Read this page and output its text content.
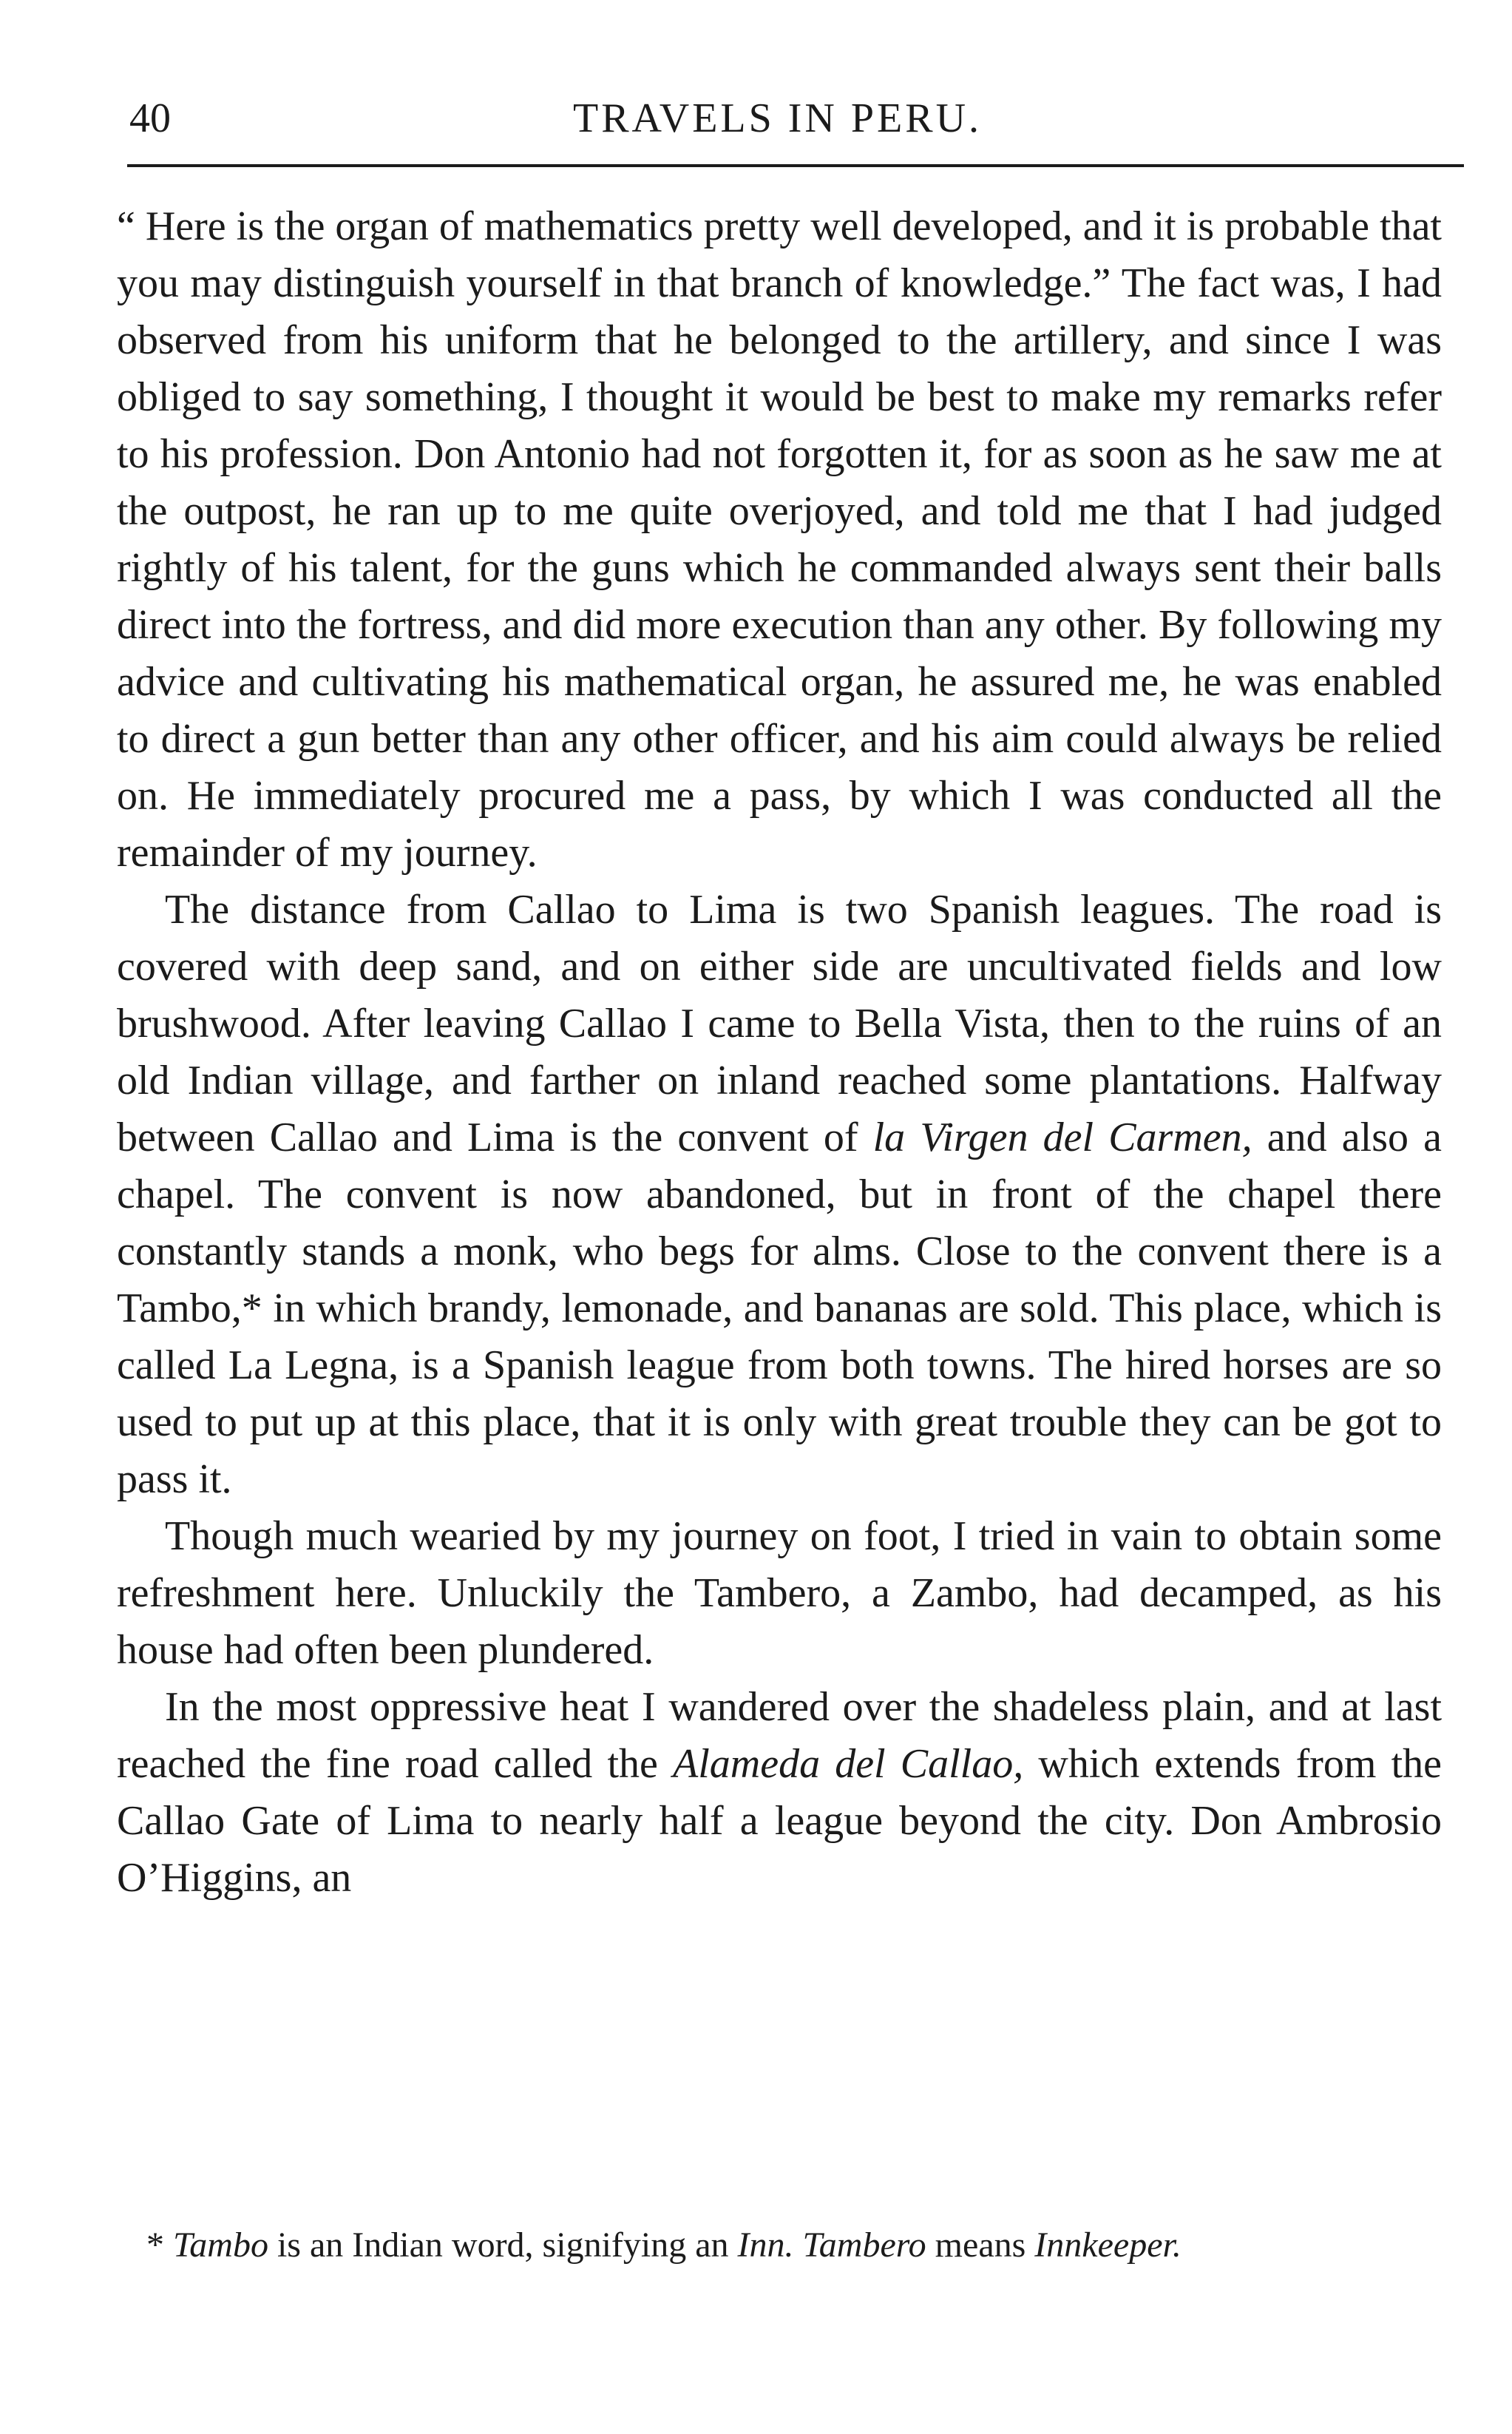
40	TRAVELS IN PERU.

“ Here is the organ of mathematics pretty well developed, and it is probable that you may distinguish yourself in that branch of knowledge.” The fact was, I had observed from his uniform that he belonged to the artillery, and since I was obliged to say something, I thought it would be best to make my remarks refer to his profession. Don Antonio had not forgotten it, for as soon as he saw me at the outpost, he ran up to me quite overjoyed, and told me that I had judged rightly of his talent, for the guns which he commanded always sent their balls direct into the fortress, and did more execution than any other. By following my advice and cultivating his mathematical organ, he assured me, he was enabled to direct a gun better than any other officer, and his aim could always be relied on. He immediately procured me a pass, by which I was conducted all the remainder of my journey.

The distance from Callao to Lima is two Spanish leagues. The road is covered with deep sand, and on either side are uncultivated fields and low brushwood. After leaving Callao I came to Bella Vista, then to the ruins of an old Indian village, and farther on inland reached some plantations. Halfway between Callao and Lima is the convent of la Virgen del Carmen, and also a chapel. The convent is now abandoned, but in front of the chapel there constantly stands a monk, who begs for alms. Close to the convent there is a Tambo,* in which brandy, lemonade, and bananas are sold. This place, which is called La Legna, is a Spanish league from both towns. The hired horses are so used to put up at this place, that it is only with great trouble they can be got to pass it.

Though much wearied by my journey on foot, I tried in vain to obtain some refreshment here. Unluckily the Tambero, a Zambo, had decamped, as his house had often been plundered.

In the most oppressive heat I wandered over the shadeless plain, and at last reached the fine road called the Alameda del Callao, which extends from the Callao Gate of Lima to nearly half a league beyond the city. Don Ambrosio O’Higgins, an

* Tambo is an Indian word, signifying an Inn. Tambero means Innkeeper.
